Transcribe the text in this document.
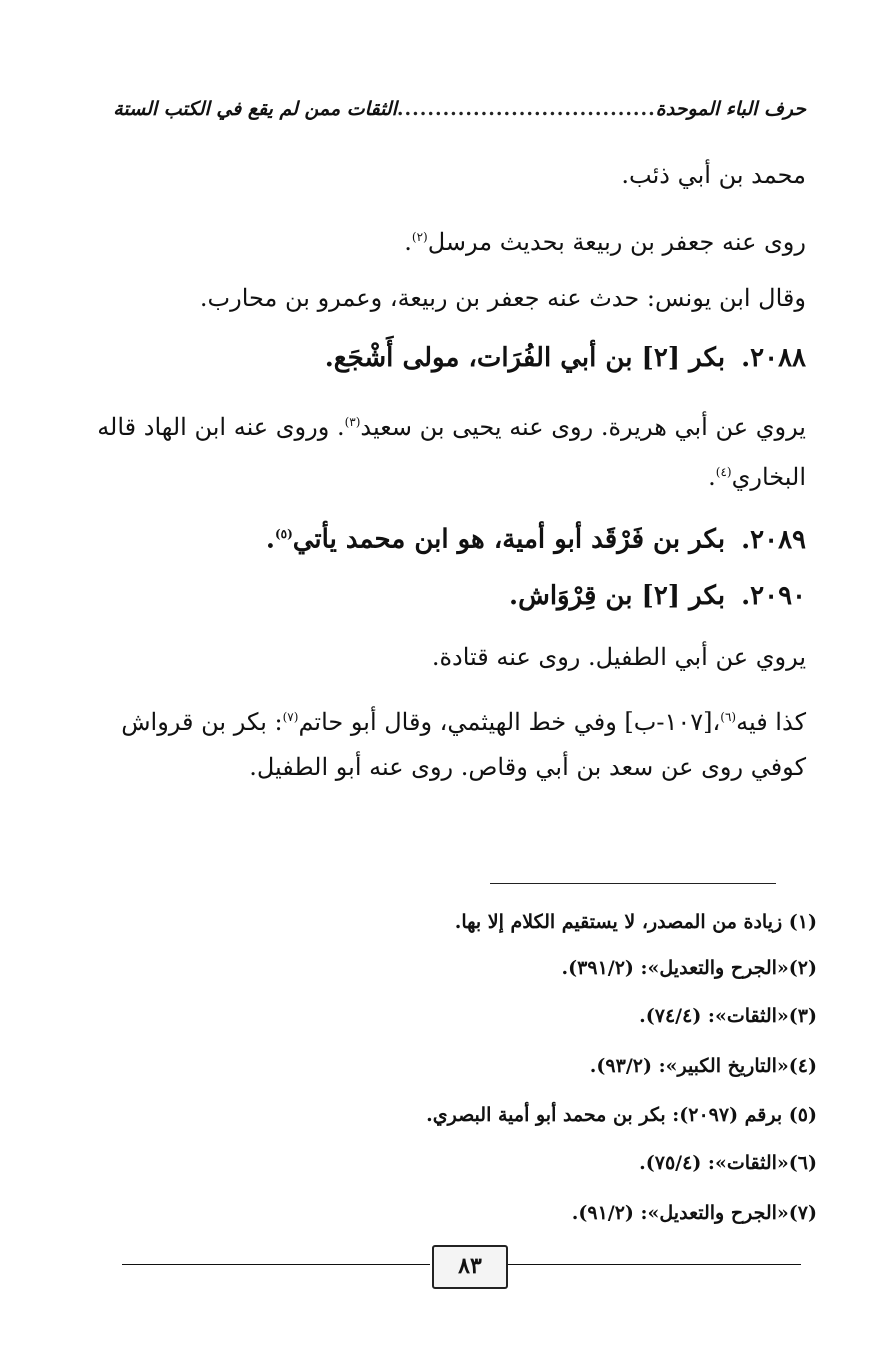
حرف الباء الموحدة
..................................
الثقات ممن لم يقع في الكتب الستة
محمد بن أبي ذئب.
روى عنه جعفر بن ربيعة بحديث مرسل$^{(٢)}$.
وقال ابن يونس: حدث عنه جعفر بن ربيعة، وعمرو بن محارب.
٢٠٨٨.بكر [٢] بن أبي الفُرَات، مولى أَشْجَع.
يروي عن أبي هريرة. روى عنه يحيى بن سعيد$^{(٣)}$. وروى عنه ابن الهاد قاله
البخاري$^{(٤)}$.
٢٠٨٩.بكر بن فَرْقَد أبو أمية، هو ابن محمد يأتي$^{(٥)}$.
٢٠٩٠.بكر [٢] بن قِرْوَاش.
يروي عن أبي الطفيل. روى عنه قتادة.
كذا فيه$^{(٦)}$،[١٠٧-ب] وفي خط الهيثمي، وقال أبو حاتم$^{(٧)}$: بكر بن قرواش
كوفي روى عن سعد بن أبي وقاص. روى عنه أبو الطفيل.
(١) زيادة من المصدر، لا يستقيم الكلام إلا بها.
(٢)«الجرح والتعديل»: (٣٩١/٢).
(٣)«الثقات»: (٧٤/٤).
(٤)«التاريخ الكبير»: (٩٣/٢).
(٥) برقم (٢٠٩٧): بكر بن محمد أبو أمية البصري.
(٦)«الثقات»: (٧٥/٤).
(٧)«الجرح والتعديل»: (٩١/٢).
٨٣
